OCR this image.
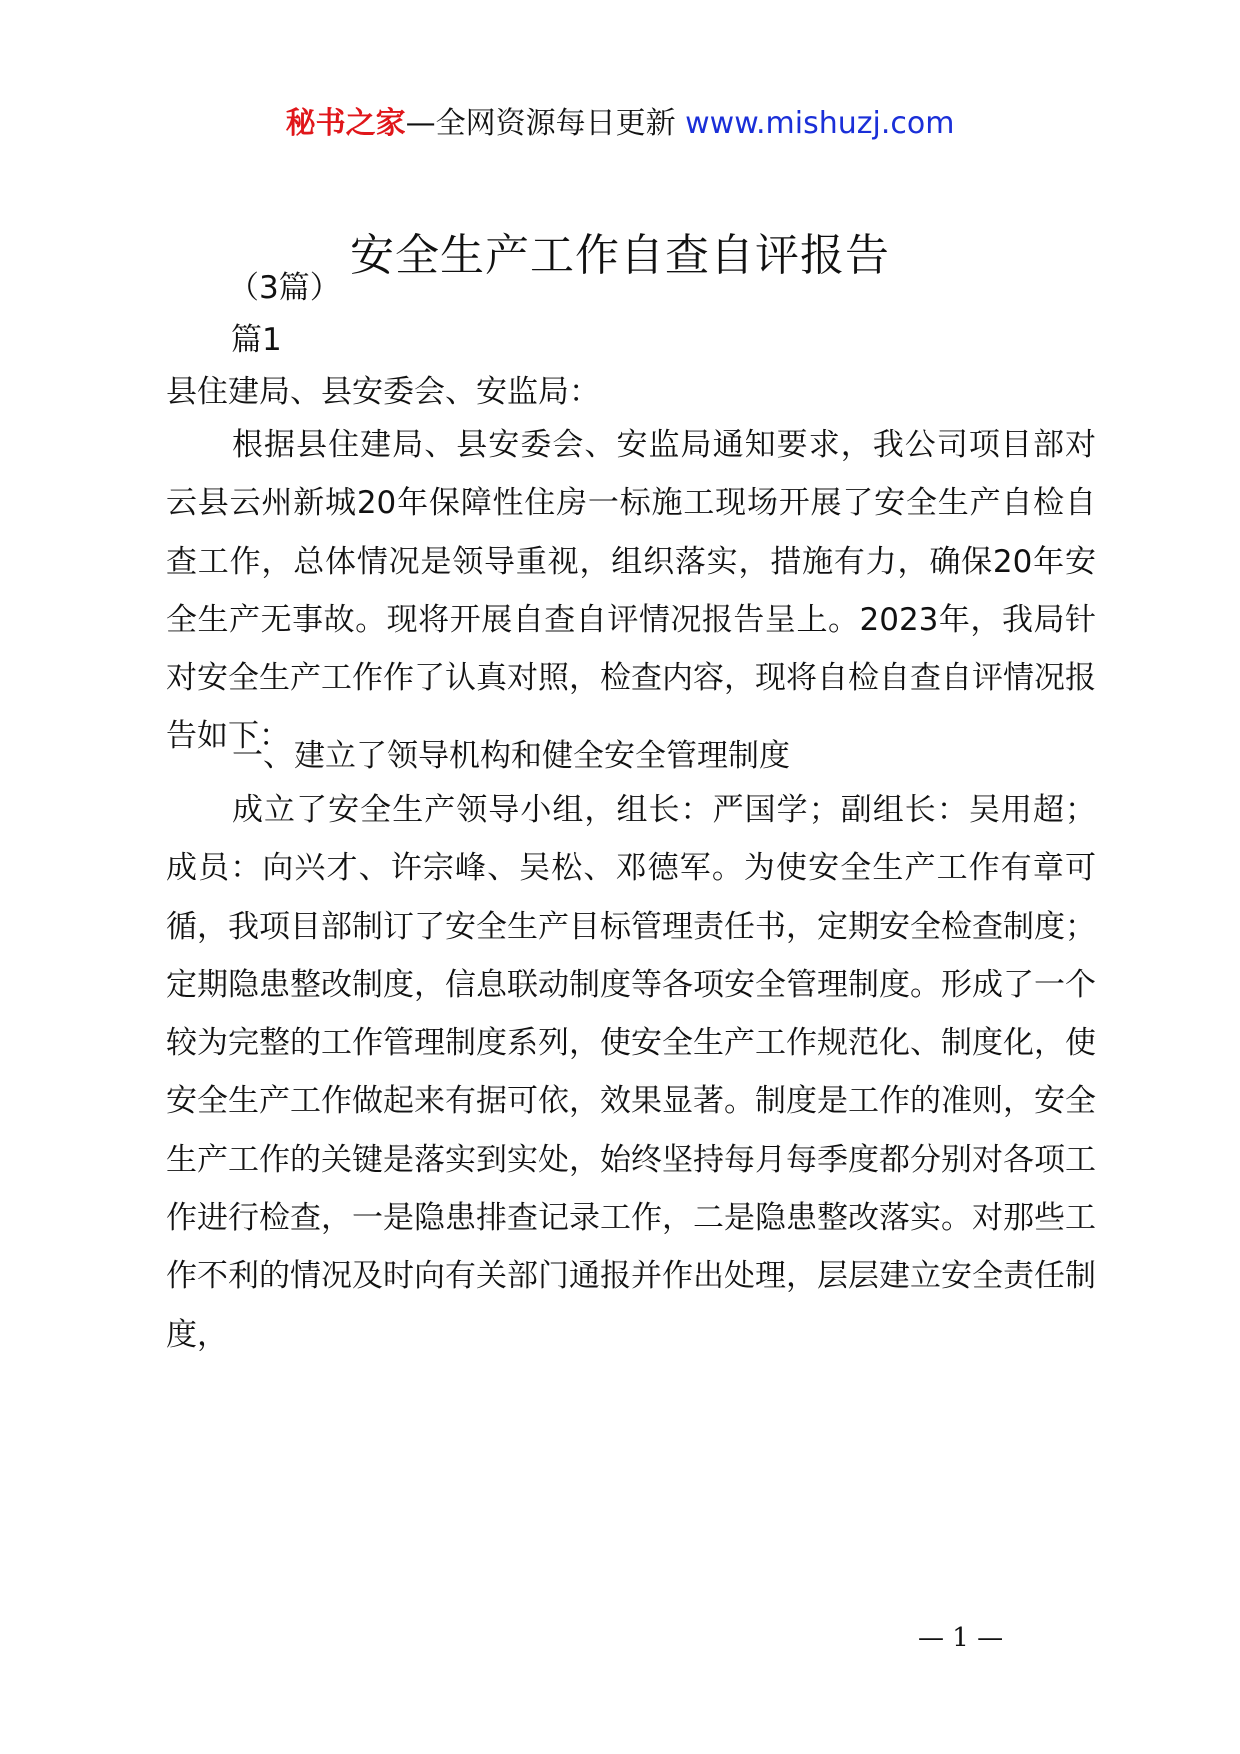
秘书之家—全网资源每日更新 www.mishuzj.com
安全生产工作自查自评报告
（3篇）
篇1
县住建局、县安委会、安监局：

根据县住建局、县安委会、安监局通知要求，我公司项目部对云县云州新城20年保障性住房一标施工现场开展了安全生产自检自查工作，总体情况是领导重视，组织落实，措施有力，确保20年安全生产无事故。现将开展自查自评情况报告呈上。2023年，我局针对安全生产工作作了认真对照，检查内容，现将自检自查自评情况报告如下：

一、建立了领导机构和健全安全管理制度

成立了安全生产领导小组，组长：严国学；副组长：吴用超；成员：向兴才、许宗峰、吴松、邓德军。为使安全生产工作有章可循，我项目部制订了安全生产目标管理责任书，定期安全检查制度；定期隐患整改制度，信息联动制度等各项安全管理制度。形成了一个较为完整的工作管理制度系列，使安全生产工作规范化、制度化，使安全生产工作做起来有据可依，效果显著。制度是工作的准则，安全生产工作的关键是落实到实处，始终坚持每月每季度都分别对各项工作进行检查，一是隐患排查记录工作，二是隐患整改落实。对那些工作不利的情况及时向有关部门通报并作出处理，层层建立安全责任制度，

— 1 —
